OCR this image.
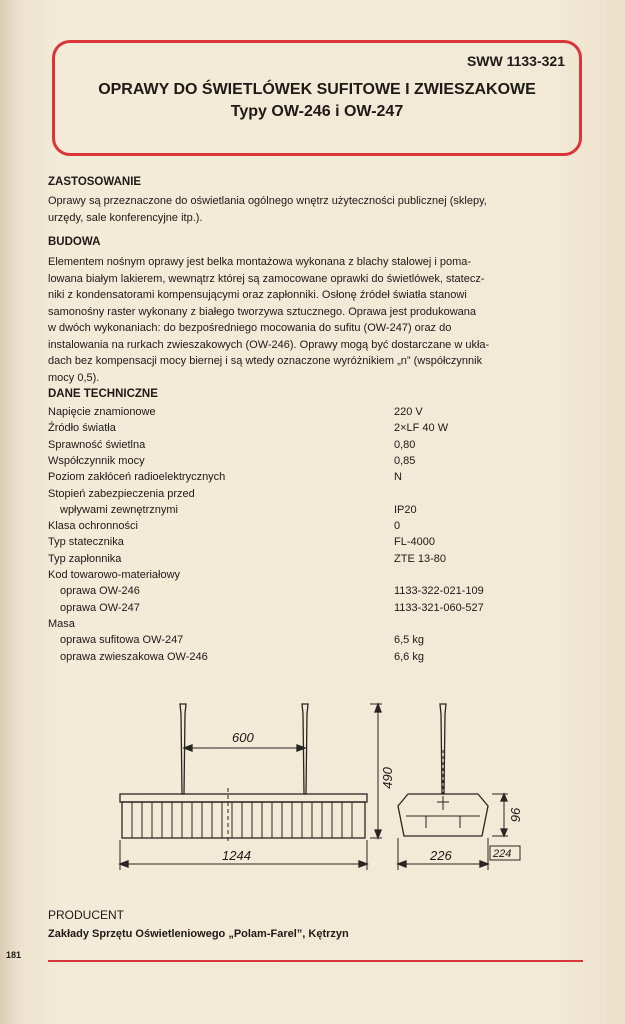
SWW 1133-321
OPRAWY DO ŚWIETLÓWEK SUFITOWE I ZWIESZAKOWE
Typy OW-246 i OW-247
ZASTOSOWANIE
Oprawy są przeznaczone do oświetlania ogólnego wnętrz użyteczności publicznej (sklepy,
urzędy, sale konferencyjne itp.).
BUDOWA
Elementem nośnym oprawy jest belka montażowa wykonana z blachy stalowej i poma-
lowana białym lakierem, wewnątrz której są zamocowane oprawki do świetlówek, statecz-
niki z kondensatorami kompensującymi oraz zapłonniki. Osłonę źródeł światła stanowi
samonośny raster wykonany z białego tworzywa sztucznego. Oprawa jest produkowana
w dwóch wykonaniach: do bezpośredniego mocowania do sufitu (OW-247) oraz do
instalowania na rurkach zwieszakowych (OW-246). Oprawy mogą być dostarczane w ukła-
dach bez kompensacji mocy biernej i są wtedy oznaczone wyróżnikiem „n” (współczynnik
mocy 0,5).
DANE TECHNICZNE
Napięcie znamionowe	220 V
Źródło światła	2×LF 40 W
Sprawność świetlna	0,80
Współczynnik mocy	0,85
Poziom zakłóceń radioelektrycznych	N
Stopień zabezpieczenia przed
wpływami zewnętrznymi	IP20
Klasa ochronności	0
Typ statecznika	FL-4000
Typ zapłonnika	ZTE 13-80
Kod towarowo-materiałowy
oprawa OW-246	1133-322-021-109
oprawa OW-247	1133-321-060-527
Masa
oprawa sufitowa OW-247	6,5 kg
oprawa zwieszakowa OW-246	6,6 kg
600
490
1244
96
226	224
PRODUCENT
Zakłady Sprzętu Oświetleniowego „Polam-Farel”, Kętrzyn
181
